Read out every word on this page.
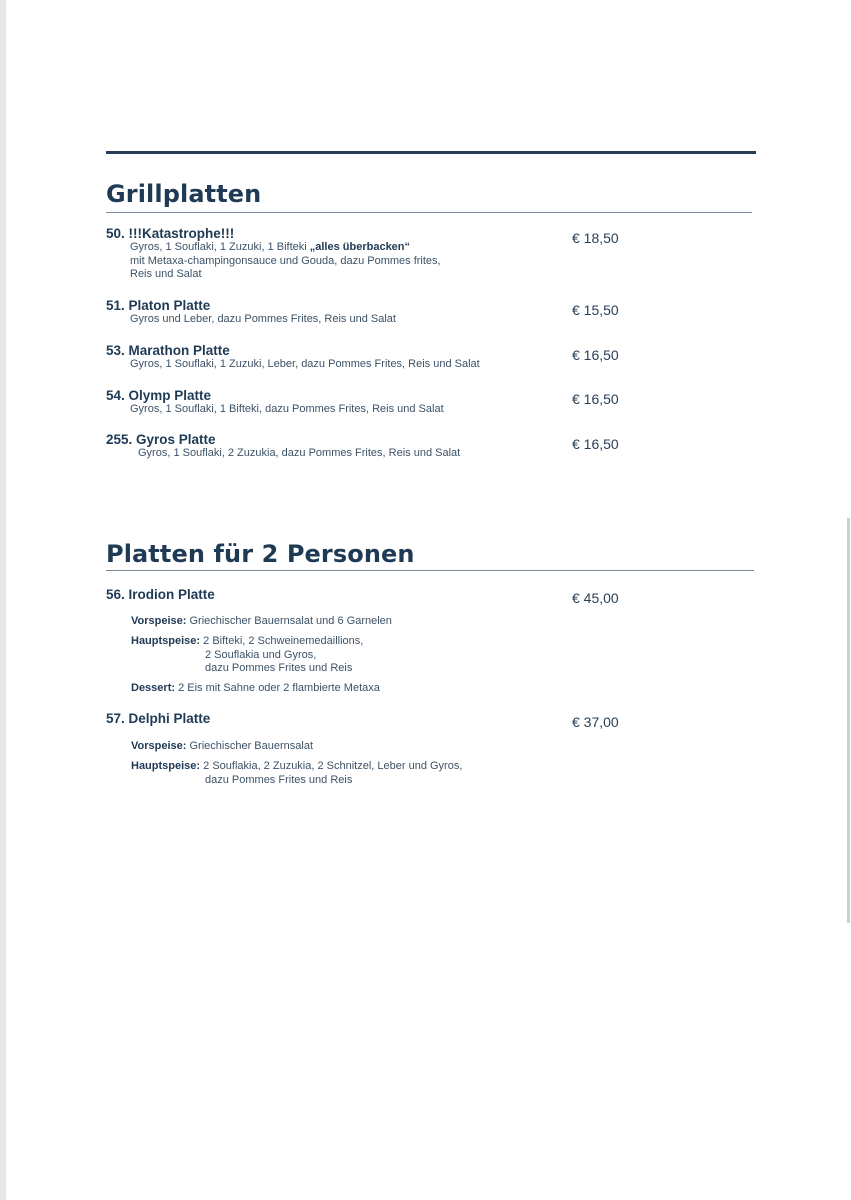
Grillplatten
50. !!!Katastrophe!!!
Gyros, 1 Souflaki, 1 Zuzuki, 1 Bifteki „alles überbacken“
mit Metaxa-champingonsauce und Gouda, dazu Pommes frites,
Reis und Salat
€ 18,50
51. Platon Platte
Gyros und Leber, dazu Pommes Frites, Reis und Salat
€ 15,50
53. Marathon Platte
Gyros, 1 Souflaki, 1 Zuzuki, Leber, dazu Pommes Frites, Reis und Salat
€ 16,50
54. Olymp Platte
Gyros, 1 Souflaki, 1 Bifteki, dazu Pommes Frites, Reis und Salat
€ 16,50
255. Gyros Platte
Gyros, 1 Souflaki, 2 Zuzukia, dazu Pommes Frites, Reis und Salat
€ 16,50
Platten für 2 Personen
56. Irodion Platte	€ 45,00
Vorspeise: Griechischer Bauernsalat und 6 Garnelen
Hauptspeise: 2 Bifteki, 2 Schweinemedaillions,
2 Souflakia und Gyros,
dazu Pommes Frites und Reis
Dessert: 2 Eis mit Sahne oder 2 flambierte Metaxa
57. Delphi Platte	€ 37,00
Vorspeise: Griechischer Bauernsalat
Hauptspeise: 2 Souflakia, 2 Zuzukia, 2 Schnitzel, Leber und Gyros,
dazu Pommes Frites und Reis
